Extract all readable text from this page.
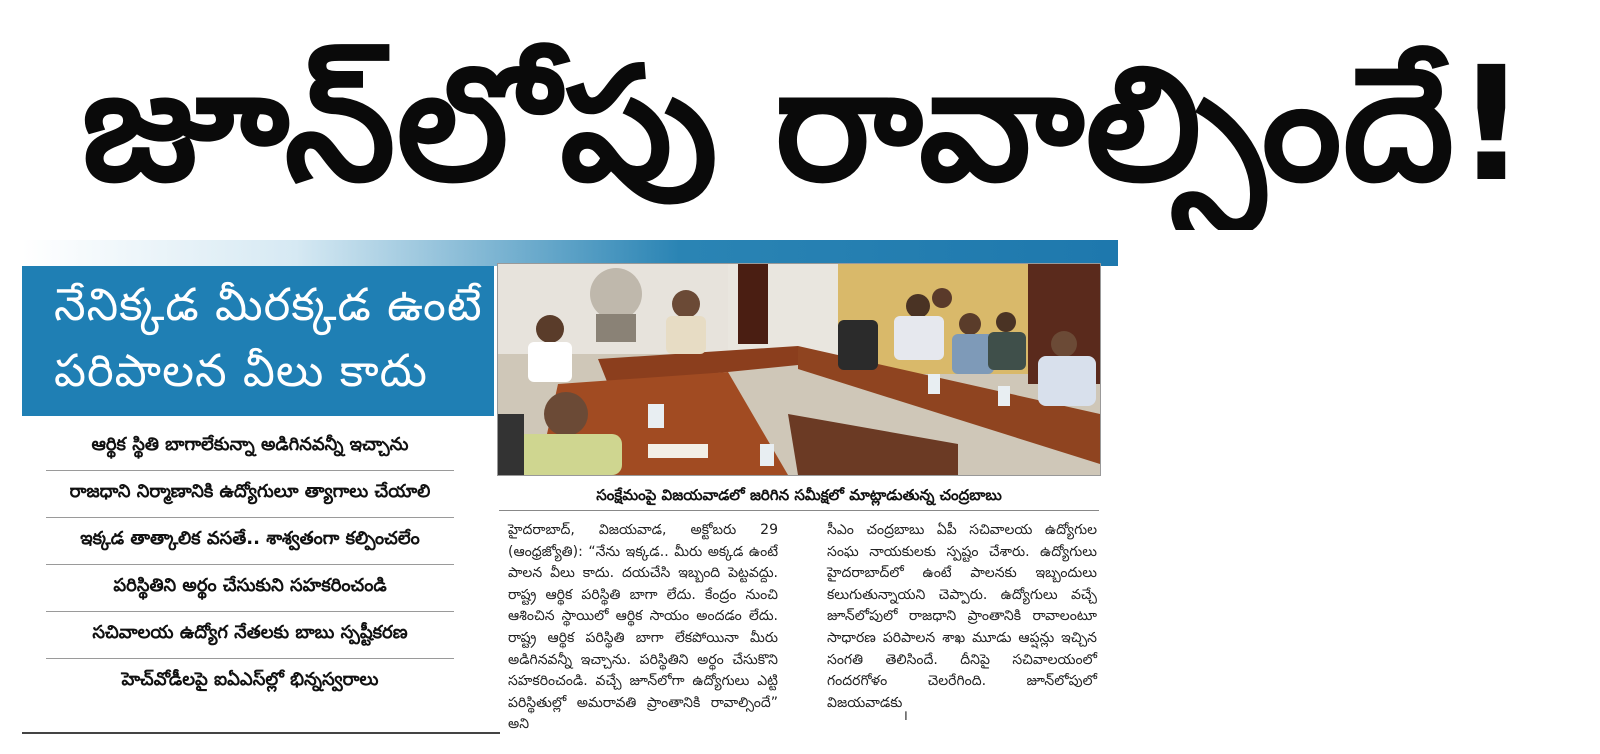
జూన్‌లోపు రావాల్సిందే!
నేనిక్కడ మీరక్కడ ఉంటే
పరిపాలన వీలు కాదు
సంక్షేమంపై విజయవాడలో జరిగిన సమీక్షలో మాట్లాడుతున్న చంద్రబాబు
ఆర్థిక స్థితి బాగాలేకున్నా అడిగినవన్నీ ఇచ్చాను
రాజధాని నిర్మాణానికి ఉద్యోగులూ త్యాగాలు చేయాలి
ఇక్కడ తాత్కాలిక వసతే.. శాశ్వతంగా కల్పించలేం
పరిస్థితిని అర్థం చేసుకుని సహకరించండి
సచివాలయ ఉద్యోగ నేతలకు బాబు స్పష్టీకరణ
హెచ్‌వోడీలపై ఐఏఎస్‌ల్లో భిన్నస్వరాలు
హైదరాబాద్, విజయవాడ, అక్టోబరు 29 (ఆంధ్రజ్యోతి): “నేను ఇక్కడ.. మీరు అక్కడ ఉంటే పాలన వీలు కాదు. దయచేసి ఇబ్బంది పెట్టవద్దు. రాష్ట్ర ఆర్థిక పరిస్థితి బాగా లేదు. కేంద్రం నుంచి ఆశించిన స్థాయిలో ఆర్థిక సాయం అందడం లేదు. రాష్ట్ర ఆర్థిక పరిస్థితి బాగా లేకపోయినా మీరు అడిగినవన్నీ ఇచ్చాను. పరిస్థితిని అర్థం చేసుకొని సహకరించండి. వచ్చే జూన్‌లోగా ఉద్యోగులు ఎట్టి పరిస్థితుల్లో అమరావతి ప్రాంతానికి రావాల్సిందే” అని
సీఎం చంద్రబాబు ఏపీ సచివాలయ ఉద్యోగుల సంఘ నాయకులకు స్పష్టం చేశారు. ఉద్యోగులు హైదరాబాద్‌లో ఉంటే పాలనకు ఇబ్బందులు కలుగుతున్నాయని చెప్పారు. ఉద్యోగులు వచ్చే జూన్‌లోపులో రాజధాని ప్రాంతానికి రావాలంటూ సాధారణ పరిపాలన శాఖ మూడు ఆప్షన్లు ఇచ్చిన సంగతి తెలిసిందే. దీనిపై సచివాలయంలో గందరగోళం చెలరేగింది. జూన్‌లోపులో విజయవాడకు
౹
